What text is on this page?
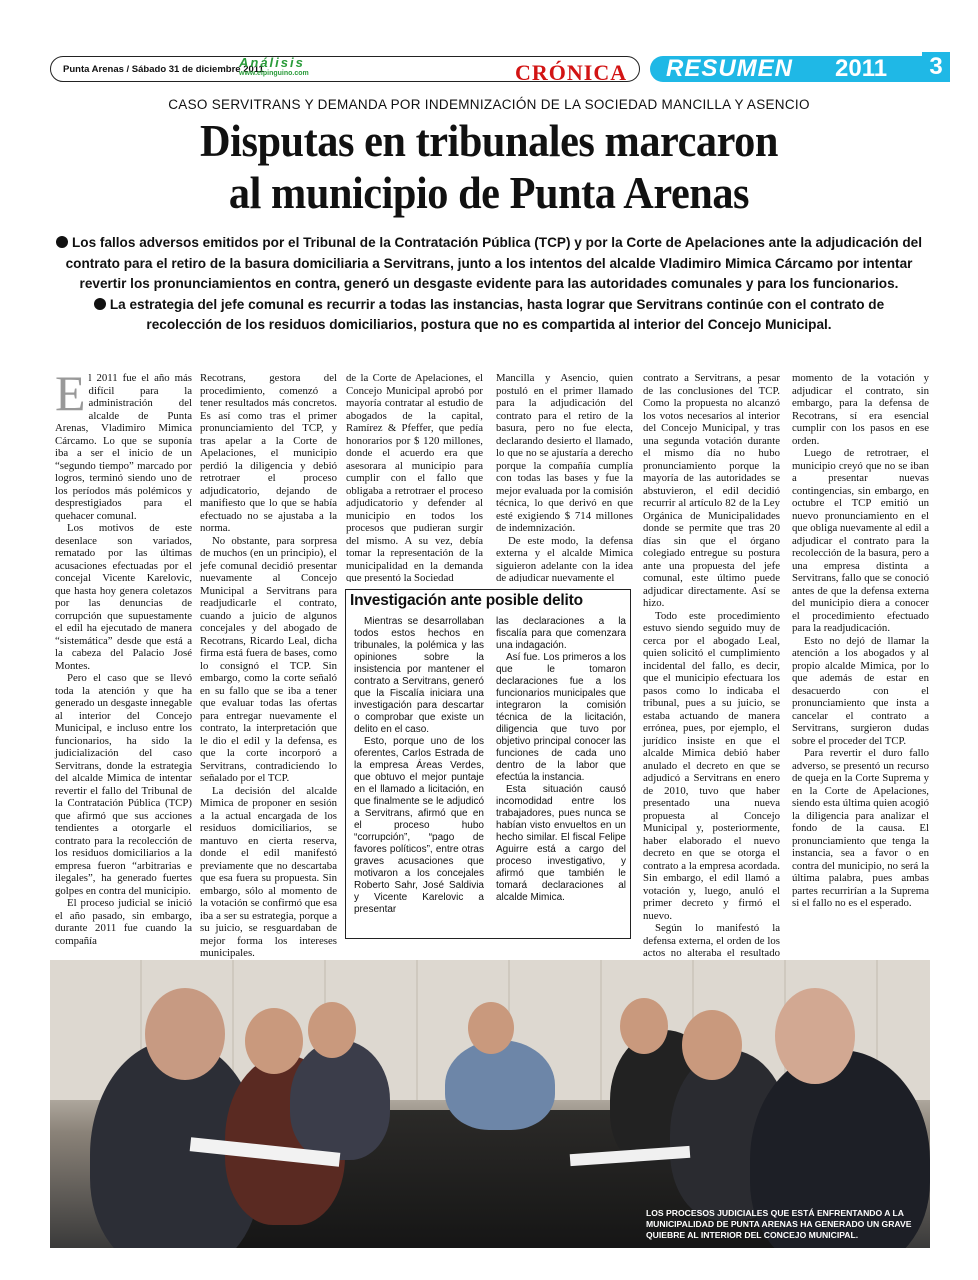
Punta Arenas / Sábado 31 de diciembre 2011
Análisis
www.elpinguino.com	CRÓNICA RESUMEN 2011	3
CASO SERVITRANS Y DEMANDA POR INDEMNIZACIÓN DE LA SOCIEDAD MANCILLA Y ASENCIO
Disputas en tribunales marcaron
al municipio de Punta Arenas

Los fallos adversos emitidos por el Tribunal de la Contratación Pública (TCP) y por la Corte de Apelaciones ante la adjudicación del contrato para el retiro de la basura domiciliaria a Servitrans, junto a los intentos del alcalde Vladimiro Mimica Cárcamo por intentar revertir los pronunciamientos en contra, generó un desgaste evidente para las autoridades comunales y para los funcionarios.

La estrategia del jefe comunal es recurrir a todas las instancias, hasta lograr que Servitrans continúe con el contrato de recolección de los residuos domiciliarios, postura que no es compartida al interior del Concejo Municipal.

El 2011 fue el año más difícil para la administración del alcalde de Punta Arenas, Vladimiro Mimica Cárcamo. Lo que se suponía iba a ser el inicio de un “segundo tiempo” marcado por logros, terminó siendo uno de los períodos más polémicos y desprestigiados para el quehacer comunal.

Los motivos de este desenlace son variados, rematado por las últimas acusaciones efectuadas por el concejal Vicente Karelovic, que hasta hoy genera coletazos por las denuncias de corrupción que supuestamente el edil ha ejecutado de manera “sistemática” desde que está a la cabeza del Palacio José Montes.

Pero el caso que se llevó toda la atención y que ha generado un desgaste innegable al interior del Concejo Municipal, e incluso entre los funcionarios, ha sido la judicialización del caso Servitrans, donde la estrategia del alcalde Mimica de intentar revertir el fallo del Tribunal de la Contratación Pública (TCP) que afirmó que sus acciones tendientes a otorgarle el contrato para la recolección de los residuos domiciliarios a la empresa fueron “arbitrarias e ilegales”, ha generado fuertes golpes en contra del municipio.

El proceso judicial se inició el año pasado, sin embargo, durante 2011 fue cuando la compañía

Recotrans, gestora del procedimiento, comenzó a tener resultados más concretos. Es así como tras el primer pronunciamiento del TCP, y tras apelar a la Corte de Apelaciones, el municipio perdió la diligencia y debió retrotraer el proceso adjudicatorio, dejando de manifiesto que lo que se había efectuado no se ajustaba a la norma.

No obstante, para sorpresa de muchos (en un principio), el jefe comunal decidió presentar nuevamente al Concejo Municipal a Servitrans para readjudicarle el contrato, cuando a juicio de algunos concejales y del abogado de Recotrans, Ricardo Leal, dicha firma está fuera de bases, como lo consignó el TCP. Sin embargo, como la corte señaló en su fallo que se iba a tener que evaluar todas las ofertas para entregar nuevamente el contrato, la interpretación que le dio el edil y la defensa, es que la corte incorporó a Servitrans, contradiciendo lo señalado por el TCP.

La decisión del alcalde Mimica de proponer en sesión a la actual encargada de los residuos domiciliarios, se mantuvo en cierta reserva, donde el edil manifestó previamente que no descartaba que esa fuera su propuesta. Sin embargo, sólo al momento de la votación se confirmó que esa iba a ser su estrategia, porque a su juicio, se resguardaban de mejor forma los intereses municipales.

de la Corte de Apelaciones, el Concejo Municipal aprobó por mayoría contratar al estudio de abogados de la capital, Ramírez & Pfeffer, que pedía honorarios por $ 120 millones, donde el acuerdo era que asesorara al municipio para cumplir con el fallo que obligaba a retrotraer el proceso adjudicatorio y defender al municipio en todos los procesos que pudieran surgir del mismo. A su vez, debía tomar la representación de la municipalidad en la demanda que presentó la Sociedad

Mancilla y Asencio, quien postuló en el primer llamado para la adjudicación del contrato para el retiro de la basura, pero no fue electa, declarando desierto el llamado, lo que no se ajustaría a derecho porque la compañía cumplía con todas las bases y fue la mejor evaluada por la comisión técnica, lo que derivó en que esté exigiendo $ 714 millones de indemnización.

De este modo, la defensa externa y el alcalde Mimica siguieron adelante con la idea de adjudicar nuevamente el

contrato a Servitrans, a pesar de las conclusiones del TCP. Como la propuesta no alcanzó los votos necesarios al interior del Concejo Municipal, y tras una segunda votación durante el mismo día no hubo pronunciamiento porque la mayoría de las autoridades se abstuvieron, el edil decidió recurrir al artículo 82 de la Ley Orgánica de Municipalidades donde se permite que tras 20 días sin que el órgano colegiado entregue su postura ante una propuesta del jefe comunal, este último puede adjudicar directamente. Así se hizo.

Todo este procedimiento estuvo siendo seguido muy de cerca por el abogado Leal, quien solicitó el cumplimiento incidental del fallo, es decir, que el municipio efectuara los pasos como lo indicaba el tribunal, pues a su juicio, se estaba actuando de manera errónea, pues, por ejemplo, el jurídico insiste en que el alcalde Mimica debió haber anulado el decreto en que se adjudicó a Servitrans en enero de 2010, tuvo que haber presentado una nueva propuesta al Concejo Municipal y, posteriormente, haber elaborado el nuevo decreto en que se otorga el contrato a la empresa acordada. Sin embargo, el edil llamó a votación y, luego, anuló el primer decreto y firmó el nuevo.

Según lo manifestó la defensa externa, el orden de los actos no alteraba el resultado

momento de la votación y adjudicar el contrato, sin embargo, para la defensa de Recotrans, sí era esencial cumplir con los pasos en ese orden.

Luego de retrotraer, el municipio creyó que no se iban a presentar nuevas contingencias, sin embargo, en octubre el TCP emitió un nuevo pronunciamiento en el que obliga nuevamente al edil a adjudicar el contrato para la recolección de la basura, pero a una empresa distinta a Servitrans, fallo que se conoció antes de que la defensa externa del municipio diera a conocer el procedimiento efectuado para la readjudicación.

Esto no dejó de llamar la atención a los abogados y al propio alcalde Mimica, por lo que además de estar en desacuerdo con el pronunciamiento que insta a cancelar el contrato a Servitrans, surgieron dudas sobre el proceder del TCP.

Para revertir el duro fallo adverso, se presentó un recurso de queja en la Corte Suprema y en la Corte de Apelaciones, siendo esta última quien acogió la diligencia para analizar el fondo de la causa. El pronunciamiento que tenga la instancia, sea a favor o en contra del municipio, no será la última palabra, pues ambas partes recurrirían a la Suprema si el fallo no es el esperado.

Investigación ante posible delito

Mientras se desarrollaban todos estos hechos en tribunales, la polémica y las opiniones sobre la insistencia por mantener el contrato a Servitrans, generó que la Fiscalía iniciara una investigación para descartar o comprobar que existe un delito en el caso.

Esto, porque uno de los oferentes, Carlos Estrada de la empresa Áreas Verdes, que obtuvo el mejor puntaje en el llamado a licitación, en que finalmente se le adjudicó a Servitrans, afirmó que en el proceso hubo “corrupción”, “pago de favores políticos”, entre otras graves acusaciones que motivaron a los concejales Roberto Sahr, José Saldivia y Vicente Karelovic a presentar

las declaraciones a la fiscalía para que comenzara una indagación.

Así fue. Los primeros a los que le tomaron declaraciones fue a los funcionarios municipales que integraron la comisión técnica de la licitación, diligencia que tuvo por objetivo principal conocer las funciones de cada uno dentro de la labor que efectúa la instancia.

Esta situación causó incomodidad entre los trabajadores, pues nunca se habían visto envueltos en un hecho similar. El fiscal Felipe Aguirre está a cargo del proceso investigativo, y afirmó que también le tomará declaraciones al alcalde Mimica.

LOS PROCESOS JUDICIALES QUE ESTÁ ENFRENTANDO A LA MUNICIPALIDAD DE PUNTA ARENAS HA GENERADO UN GRAVE QUIEBRE AL INTERIOR DEL CONCEJO MUNICIPAL.
